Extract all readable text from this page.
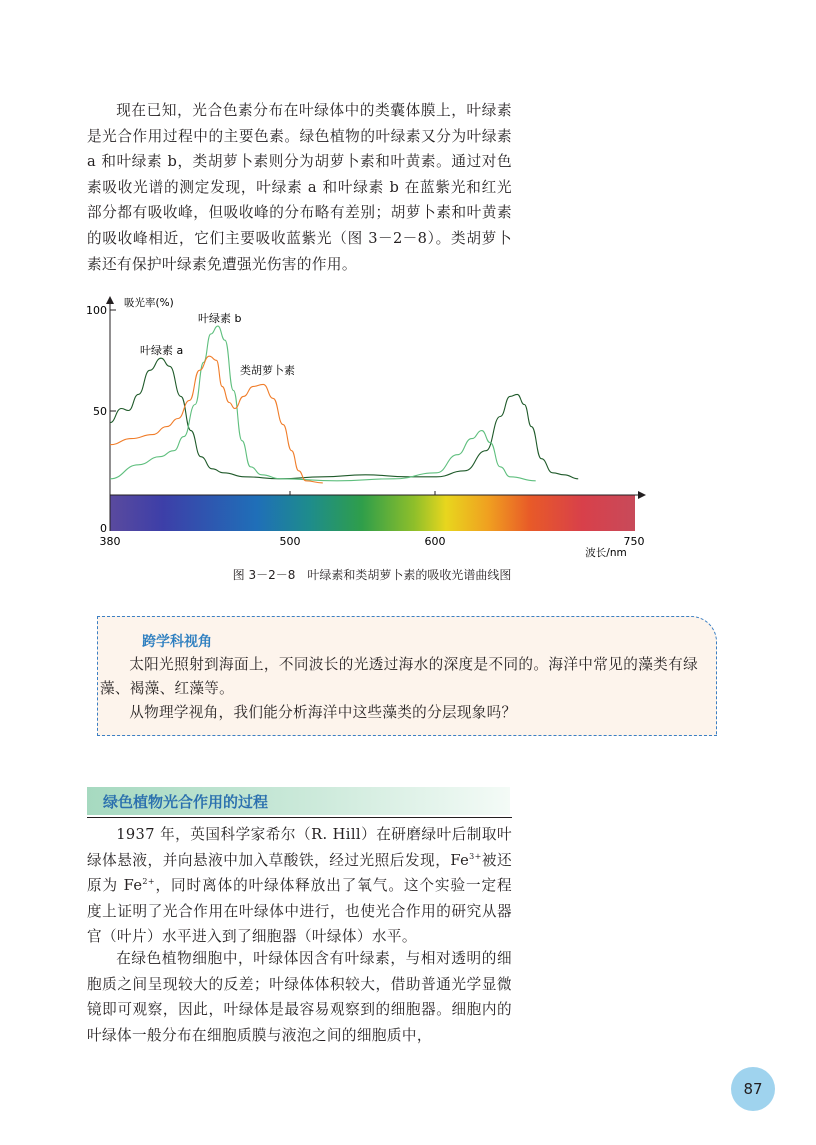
现在已知，光合色素分布在叶绿体中的类囊体膜上，叶绿素是光合作用过程中的主要色素。绿色植物的叶绿素又分为叶绿素 a 和叶绿素 b，类胡萝卜素则分为胡萝卜素和叶黄素。通过对色素吸收光谱的测定发现，叶绿素 a 和叶绿素 b 在蓝紫光和红光部分都有吸收峰，但吸收峰的分布略有差别；胡萝卜素和叶黄素的吸收峰相近，它们主要吸收蓝紫光（图 3－2－8）。类胡萝卜素还有保护叶绿素免遭强光伤害的作用。

100
50
0
吸光率(%)
380	500	600	750
波长/nm
叶绿素 a
叶绿素 b
类胡萝卜素
图 3－2－8　叶绿素和类胡萝卜素的吸收光谱曲线图
跨学科视角

太阳光照射到海面上，不同波长的光透过海水的深度是不同的。海洋中常见的藻类有绿藻、褐藻、红藻等。

从物理学视角，我们能分析海洋中这些藻类的分层现象吗？

绿色植物光合作用的过程

1937 年，英国科学家希尔（R. Hill）在研磨绿叶后制取叶绿体悬液，并向悬液中加入草酸铁，经过光照后发现，$Fe^{3+}$被还原为 $Fe^{2+}$，同时离体的叶绿体释放出了氧气。这个实验一定程度上证明了光合作用在叶绿体中进行，也使光合作用的研究从器官（叶片）水平进入到了细胞器（叶绿体）水平。

在绿色植物细胞中，叶绿体因含有叶绿素，与相对透明的细胞质之间呈现较大的反差；叶绿体体积较大，借助普通光学显微镜即可观察，因此，叶绿体是最容易观察到的细胞器。细胞内的叶绿体一般分布在细胞质膜与液泡之间的细胞质中，

87
